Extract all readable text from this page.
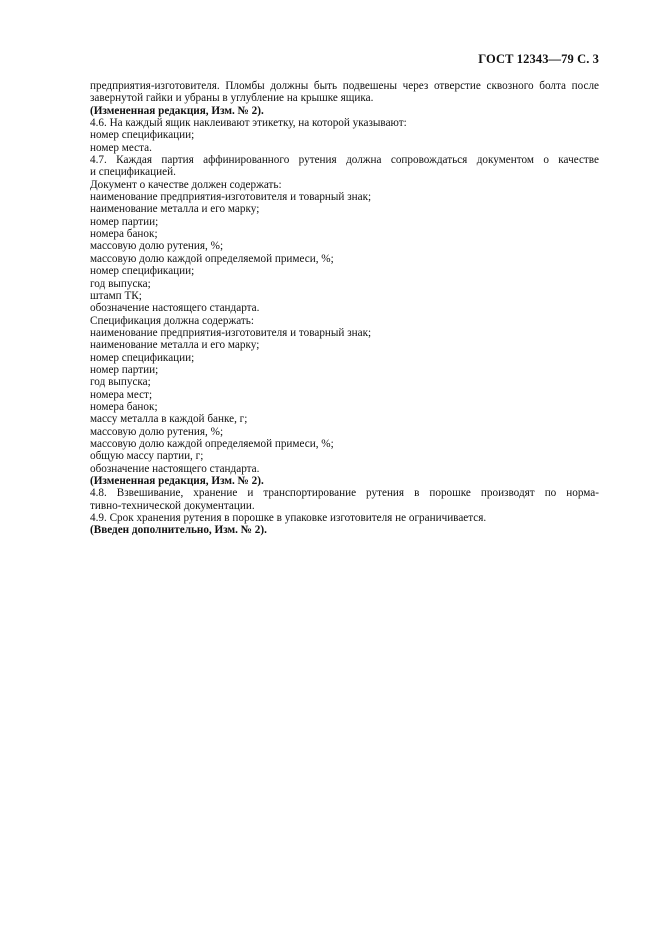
ГОСТ 12343—79 С. 3

предприятия-изготовителя. Пломбы должны быть подвешены через отверстие сквозного болта после

завернутой гайки и убраны в углубление на крышке ящика.

(Измененная редакция, Изм. № 2).

4.6. На каждый ящик наклеивают этикетку, на которой указывают:

номер спецификации;

номер места.

4.7. Каждая партия аффинированного рутения должна сопровождаться документом о качестве

и спецификацией.

Документ о качестве должен содержать:

наименование предприятия-изготовителя и товарный знак;

наименование металла и его марку;

номер партии;

номера банок;

массовую долю рутения, %;

массовую долю каждой определяемой примеси, %;

номер спецификации;

год выпуска;

штамп ТК;

обозначение настоящего стандарта.

Спецификация должна содержать:

наименование предприятия-изготовителя и товарный знак;

наименование металла и его марку;

номер спецификации;

номер партии;

год выпуска;

номера мест;

номера банок;

массу металла в каждой банке, г;

массовую долю рутения, %;

массовую долю каждой определяемой примеси, %;

общую массу партии, г;

обозначение настоящего стандарта.

(Измененная редакция, Изм. № 2).

4.8. Взвешивание, хранение и транспортирование рутения в порошке производят по норма-

тивно-технической документации.

4.9. Срок хранения рутения в порошке в упаковке изготовителя не ограничивается.

(Введен дополнительно, Изм. № 2).
